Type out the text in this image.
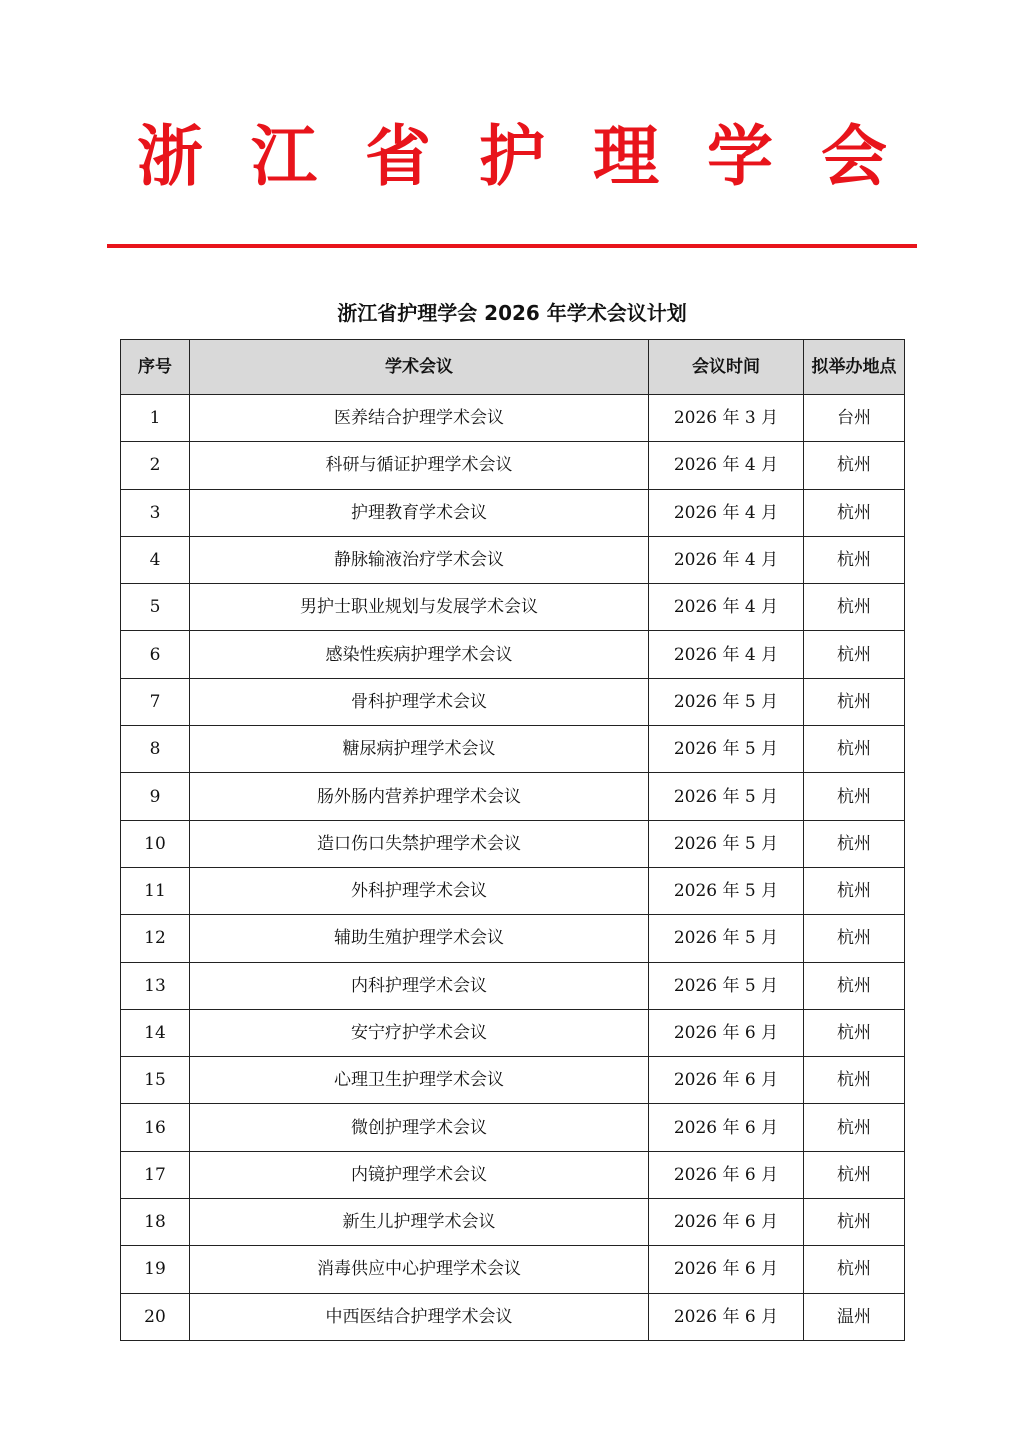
浙 江 省 护 理 学 会
浙江省护理学会 2026 年学术会议计划
序号	学术会议	会议时间	拟举办地点
1	医养结合护理学术会议	2026 年 3 月	台州
2	科研与循证护理学术会议	2026 年 4 月	杭州
3	护理教育学术会议	2026 年 4 月	杭州
4	静脉输液治疗学术会议	2026 年 4 月	杭州
5	男护士职业规划与发展学术会议	2026 年 4 月	杭州
6	感染性疾病护理学术会议	2026 年 4 月	杭州
7	骨科护理学术会议	2026 年 5 月	杭州
8	糖尿病护理学术会议	2026 年 5 月	杭州
9	肠外肠内营养护理学术会议	2026 年 5 月	杭州
10	造口伤口失禁护理学术会议	2026 年 5 月	杭州
11	外科护理学术会议	2026 年 5 月	杭州
12	辅助生殖护理学术会议	2026 年 5 月	杭州
13	内科护理学术会议	2026 年 5 月	杭州
14	安宁疗护学术会议	2026 年 6 月	杭州
15	心理卫生护理学术会议	2026 年 6 月	杭州
16	微创护理学术会议	2026 年 6 月	杭州
17	内镜护理学术会议	2026 年 6 月	杭州
18	新生儿护理学术会议	2026 年 6 月	杭州
19	消毒供应中心护理学术会议	2026 年 6 月	杭州
20	中西医结合护理学术会议	2026 年 6 月	温州
